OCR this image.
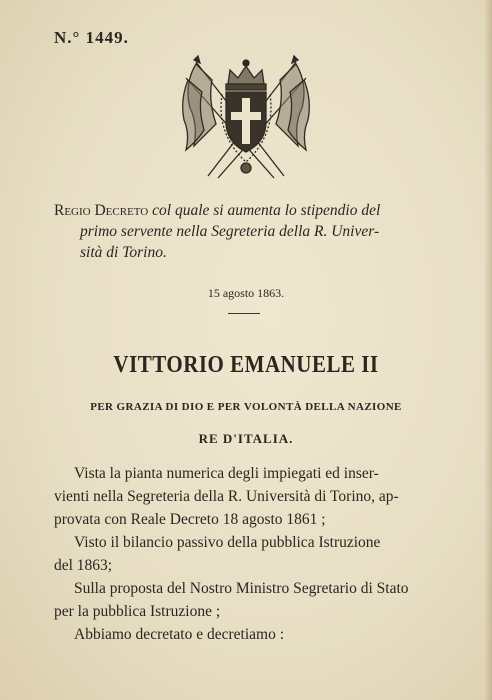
N.° 1449.
Regio Decreto col quale si aumenta lo stipendio del
primo servente nella Segreteria della R. Univer-
sità di Torino.
15 agosto 1863.
VITTORIO EMANUELE II
PER GRAZIA DI DIO E PER VOLONTÀ DELLA NAZIONE
RE D'ITALIA.

Vista la pianta numerica degli impiegati ed inser-

vienti nella Segreteria della R. Università di Torino, ap-

provata con Reale Decreto 18 agosto 1861 ;

Visto il bilancio passivo della pubblica Istruzione

del 1863;

Sulla proposta del Nostro Ministro Segretario di Stato

per la pubblica Istruzione ;

Abbiamo decretato e decretiamo :
